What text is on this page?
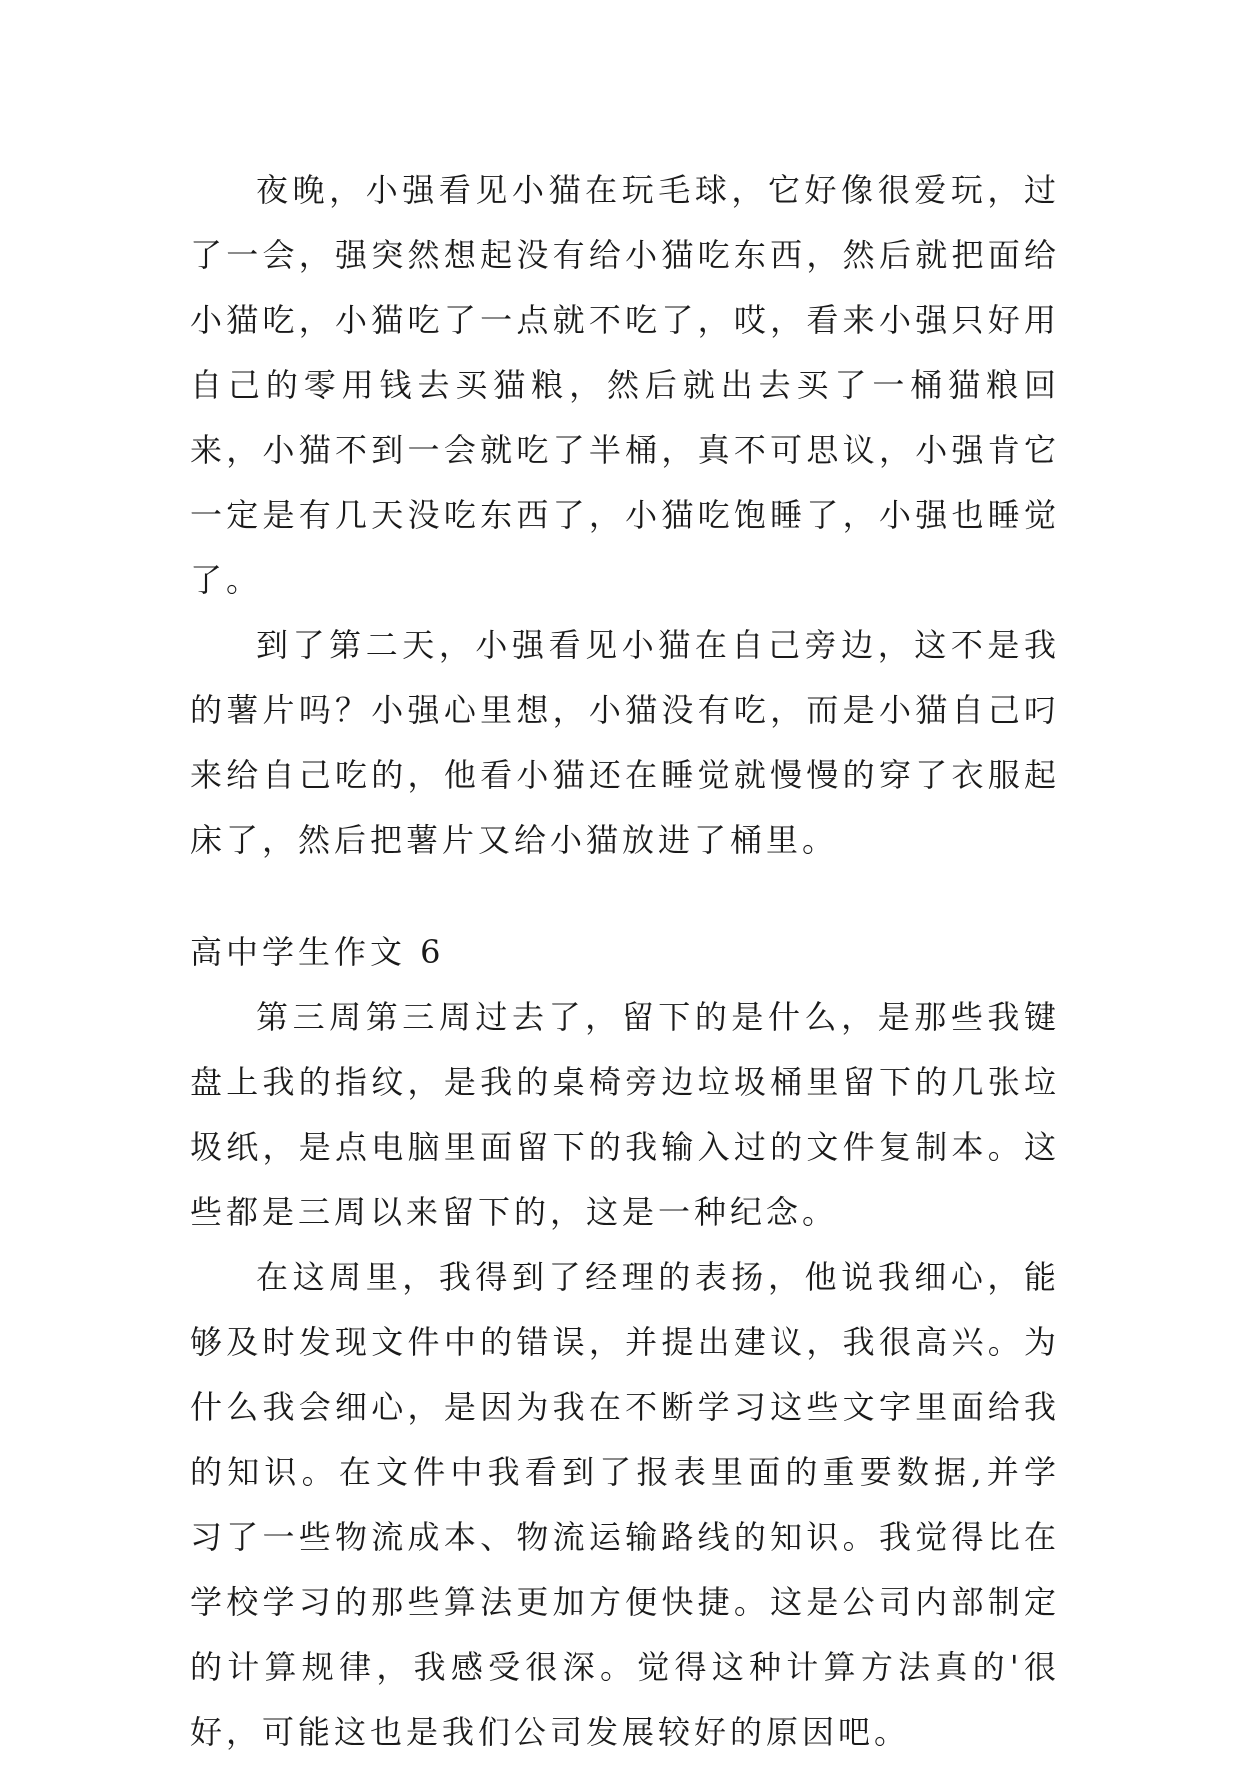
夜晚，小强看见小猫在玩毛球，它好像很爱玩，过了一会，强突然想起没有给小猫吃东西，然后就把面给小猫吃，小猫吃了一点就不吃了，哎，看来小强只好用自己的零用钱去买猫粮，然后就出去买了一桶猫粮回来，小猫不到一会就吃了半桶，真不可思议，小强肯它一定是有几天没吃东西了，小猫吃饱睡了，小强也睡觉了。

到了第二天，小强看见小猫在自己旁边，这不是我的薯片吗？小强心里想，小猫没有吃，而是小猫自己叼来给自己吃的，他看小猫还在睡觉就慢慢的穿了衣服起床了，然后把薯片又给小猫放进了桶里。

高中学生作文 6

第三周第三周过去了，留下的是什么，是那些我键盘上我的指纹，是我的桌椅旁边垃圾桶里留下的几张垃圾纸，是点电脑里面留下的我输入过的文件复制本。这些都是三周以来留下的，这是一种纪念。

在这周里，我得到了经理的表扬，他说我细心，能够及时发现文件中的错误，并提出建议，我很高兴。为什么我会细心，是因为我在不断学习这些文字里面给我的知识。在文件中我看到了报表里面的重要数据,并学习了一些物流成本、物流运输路线的知识。我觉得比在学校学习的那些算法更加方便快捷。这是公司内部制定的计算规律，我感受很深。觉得这种计算方法真的'很好，可能这也是我们公司发展较好的原因吧。
